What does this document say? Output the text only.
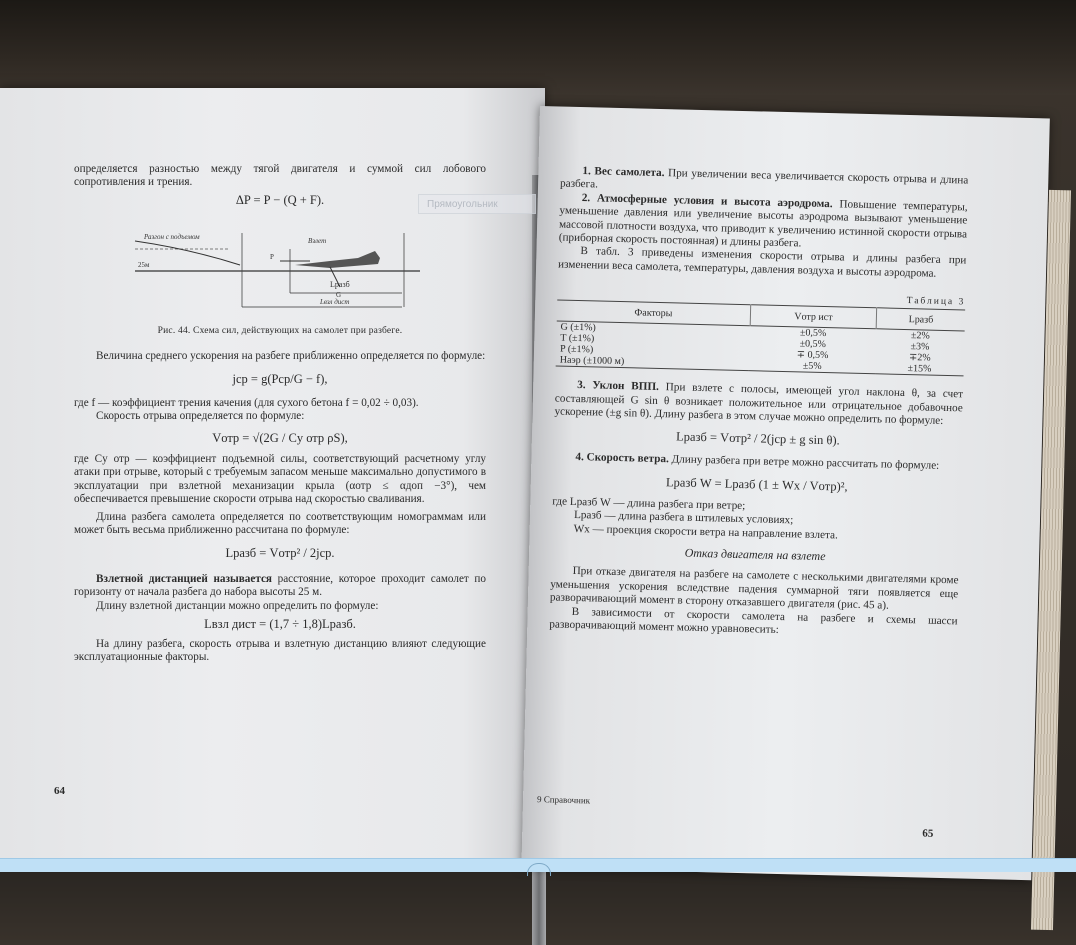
определяется разностью между тягой двигателя и суммой сил лобового сопротивления и трения.

ΔP = P − (Q + F).

Разгон с подъемом
25м
Взлет
Lразб
Lвзл дист
G
P

Рис. 44. Схема сил, действующих на самолет при разбеге.

Величина среднего ускорения на разбеге приближенно определяется по формуле:

jср = g(Pср/G − f),

где f — коэффициент трения качения (для сухого бетона f = 0,02 ÷ 0,03).

Скорость отрыва определяется по формуле:

Vотр = √(2G / Cy отр ρS),

где Cy отр — коэффициент подъемной силы, соответствующий расчетному углу атаки при отрыве, который с требуемым запасом меньше максимально допустимого в эксплуатации при взлетной механизации крыла (αотр ≤ αдоп −3°), чем обеспечивается превышение скорости отрыва над скоростью сваливания.

Длина разбега самолета определяется по соответствующим номограммам или может быть весьма приближенно рассчитана по формуле:

Lразб = Vотр² / 2jср.

Взлетной дистанцией называется расстояние, которое проходит самолет по горизонту от начала разбега до набора высоты 25 м.

Длину взлетной дистанции можно определить по формуле:

Lвзл дист = (1,7 ÷ 1,8)Lразб.

На длину разбега, скорость отрыва и взлетную дистанцию влияют следующие эксплуатационные факторы.

64

1. Вес самолета. При увеличении веса увеличивается скорость отрыва и длина разбега.

2. Атмосферные условия и высота аэродрома. Повышение температуры, уменьшение давления или увеличение высоты аэродрома вызывают уменьшение массовой плотности воздуха, что приводит к увеличению истинной скорости отрыва (приборная скорость постоянная) и длины разбега.

В табл. 3 приведены изменения скорости отрыва и длины разбега при изменении веса самолета, температуры, давления воздуха и высоты аэродрома.

Таблица 3
Факторы	Vотр ист	Lразб
G (±1%)	±0,5%	±2%
T (±1%)	±0,5%	±3%
P (±1%)	∓ 0,5%	∓2%
Hаэр (±1000 м)	±5%	±15%

3. Уклон ВПП. При взлете с полосы, имеющей угол наклона θ, за счет составляющей G sin θ возникает положительное или отрицательное добавочное ускорение (±g sin θ). Длину разбега в этом случае можно определить по формуле:

Lразб = Vотр² / 2(jср ± g sin θ).

4. Скорость ветра. Длину разбега при ветре можно рассчитать по формуле:

Lразб W = Lразб (1 ± Wx / Vотр)²,

где Lразб W — длина разбега при ветре;

Lразб — длина разбега в штилевых условиях;

Wx — проекция скорости ветра на направление взлета.

Отказ двигателя на взлете

При отказе двигателя на разбеге на самолете с несколькими двигателями кроме уменьшения ускорения вследствие падения суммарной тяги появляется еще разворачивающий момент в сторону отказавшего двигателя (рис. 45 а).

В зависимости от скорости самолета на разбеге и схемы шасси разворачивающий момент можно уравновесить:

9 Справочник
65
Прямоугольник
